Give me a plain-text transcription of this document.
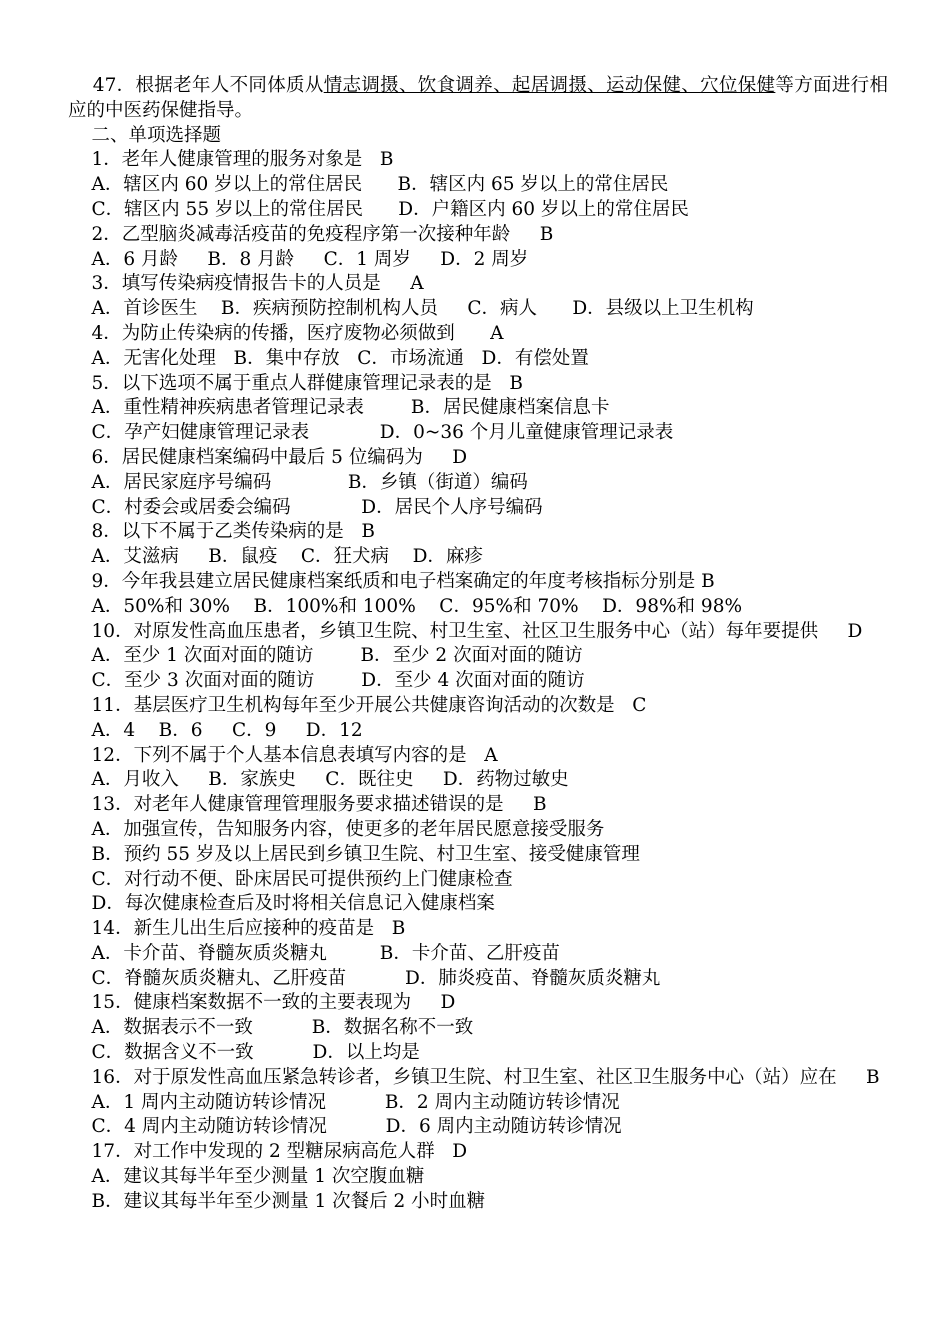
47．根据老年人不同体质从情志调摄、饮食调养、起居调摄、运动保健、穴位保健等方面进行相应的中医药保健指导。
二、单项选择题
1．老年人健康管理的服务对象是   B
A．辖区内 60 岁以上的常住居民      B．辖区内 65 岁以上的常住居民
C．辖区内 55 岁以上的常住居民      D．户籍区内 60 岁以上的常住居民
2．乙型脑炎减毒活疫苗的免疫程序第一次接种年龄     B
A．6 月龄     B．8 月龄     C．1 周岁     D．2 周岁
3．填写传染病疫情报告卡的人员是     A
A．首诊医生    B．疾病预防控制机构人员     C．病人      D．县级以上卫生机构
4．为防止传染病的传播，医疗废物必须做到      A
A．无害化处理   B．集中存放   C．市场流通   D．有偿处置
5．以下选项不属于重点人群健康管理记录表的是   B
A．重性精神疾病患者管理记录表        B．居民健康档案信息卡
C．孕产妇健康管理记录表            D．0~36 个月儿童健康管理记录表
6．居民健康档案编码中最后 5 位编码为     D
A．居民家庭序号编码             B．乡镇（街道）编码
C．村委会或居委会编码            D．居民个人序号编码
8．以下不属于乙类传染病的是   B
A．艾滋病     B．鼠疫    C．狂犬病    D．麻疹
9．今年我县建立居民健康档案纸质和电子档案确定的年度考核指标分别是 B
A．50%和 30%    B．100%和 100%    C．95%和 70%    D．98%和 98%
10．对原发性高血压患者，乡镇卫生院、村卫生室、社区卫生服务中心（站）每年要提供     D
A．至少 1 次面对面的随访        B．至少 2 次面对面的随访
C．至少 3 次面对面的随访        D．至少 4 次面对面的随访
11．基层医疗卫生机构每年至少开展公共健康咨询活动的次数是   C
A．4    B．6     C．9     D．12
12．下列不属于个人基本信息表填写内容的是   A
A．月收入     B．家族史     C．既往史     D．药物过敏史
13．对老年人健康管理管理服务要求描述错误的是     B
A．加强宣传，告知服务内容，使更多的老年居民愿意接受服务
B．预约 55 岁及以上居民到乡镇卫生院、村卫生室、接受健康管理
C．对行动不便、卧床居民可提供预约上门健康检查
D．每次健康检查后及时将相关信息记入健康档案
14．新生儿出生后应接种的疫苗是   B
A．卡介苗、脊髓灰质炎糖丸         B．卡介苗、乙肝疫苗
C．脊髓灰质炎糖丸、乙肝疫苗          D．肺炎疫苗、脊髓灰质炎糖丸
15．健康档案数据不一致的主要表现为     D
A．数据表示不一致          B．数据名称不一致
C．数据含义不一致          D．以上均是
16．对于原发性高血压紧急转诊者，乡镇卫生院、村卫生室、社区卫生服务中心（站）应在     B
A．1 周内主动随访转诊情况          B．2 周内主动随访转诊情况
C．4 周内主动随访转诊情况          D．6 周内主动随访转诊情况
17．对工作中发现的 2 型糖尿病高危人群   D
A．建议其每半年至少测量 1 次空腹血糖
B．建议其每半年至少测量 1 次餐后 2 小时血糖
